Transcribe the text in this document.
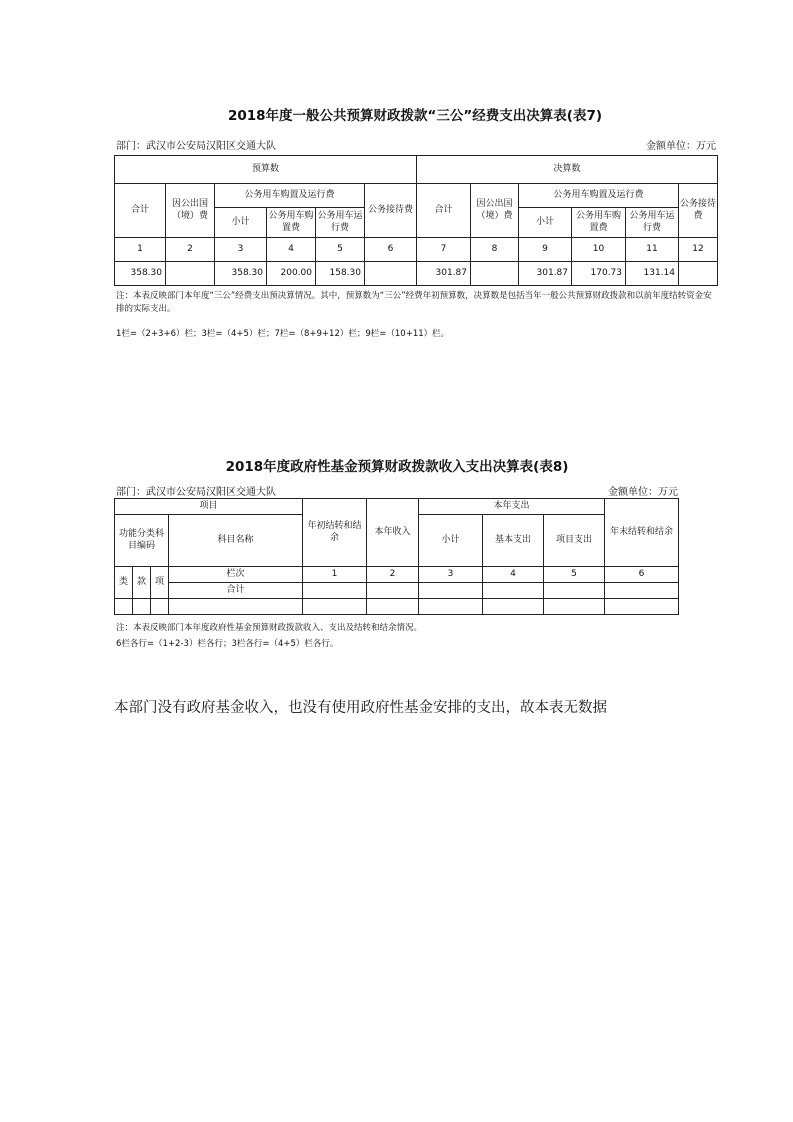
2018年度一般公共预算财政拨款“三公”经费支出决算表(表7)
部门：武汉市公安局汉阳区交通大队	金额单位：万元
预算数						决算数					
合计	因公出国（境）费	公务用车购置及运行费			公务接待费	合计	因公出国（境）费	公务用车购置及运行费			公务接待费
		小计	公务用车购置费	公务用车运行费				小计	公务用车购置费	公务用车运行费	
1	2	3	4	5	6	7	8	9	10	11	12
358.30		358.30	200.00	158.30		301.87		301.87	170.73	131.14	
注：本表反映部门本年度“三公”经费支出预决算情况。其中，预算数为“三公”经费年初预算数，决算数是包括当年一般公共预算财政拨款和以前年度结转资金安排的实际支出。
1栏=（2+3+6）栏；3栏=（4+5）栏；7栏=（8+9+12）栏；9栏=（10+11）栏。
2018年度政府性基金预算财政拨款收入支出决算表(表8)
部门：武汉市公安局汉阳区交通大队	金额单位：万元
项目				年初结转和结余	本年收入	本年支出			年末结转和结余
功能分类科目编码			科目名称			小计	基本支出	项目支出	
类	款	项	栏次	1	2	3	4	5	6
			合计						

注：本表反映部门本年度政府性基金预算财政拨款收入、支出及结转和结余情况。
6栏各行=（1+2-3）栏各行；3栏各行=（4+5）栏各行。
本部门没有政府基金收入，也没有使用政府性基金安排的支出，故本表无数据
